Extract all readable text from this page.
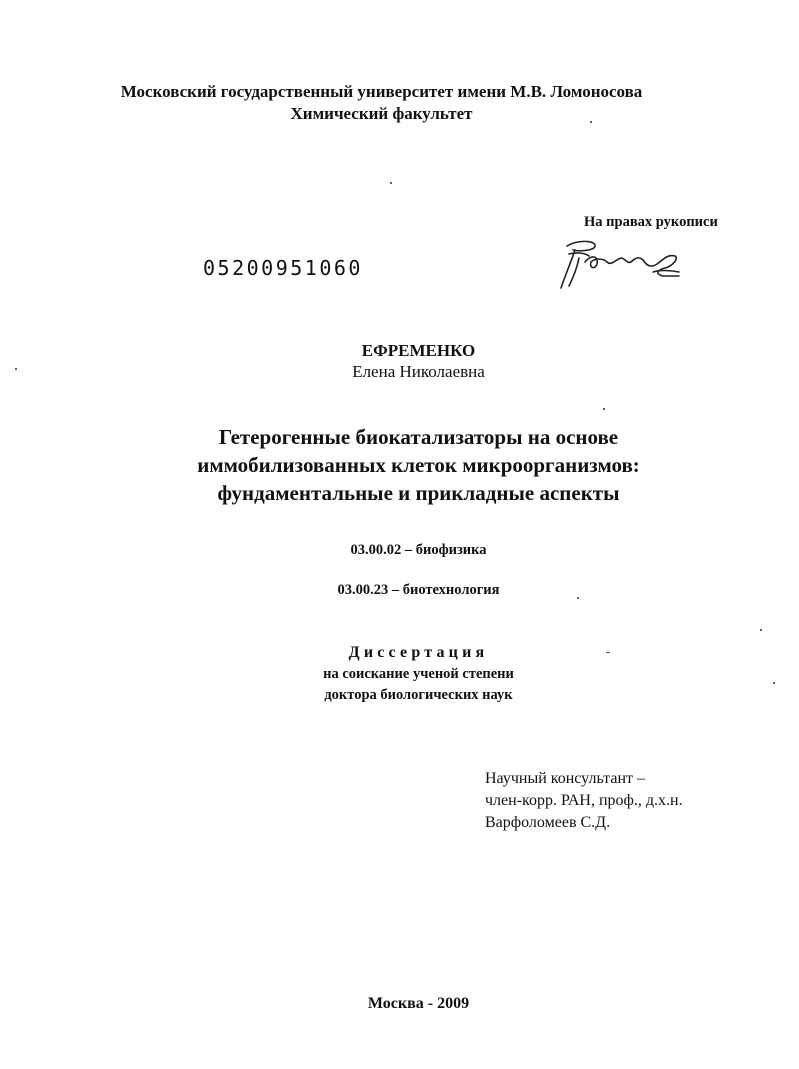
Московский государственный университет имени М.В. Ломоносова
Химический факультет
На правах рукописи
05200951060
ЕФРЕМЕНКО
Елена Николаевна
Гетерогенные биокатализаторы на основе
иммобилизованных клеток микроорганизмов:
фундаментальные и прикладные аспекты
03.00.02 – биофизика
03.00.23 – биотехнология
Диссертация
на соискание ученой степени
доктора биологических наук
Научный консультант –
член-корр. РАН, проф., д.х.н.
Варфоломеев С.Д.
Москва - 2009
